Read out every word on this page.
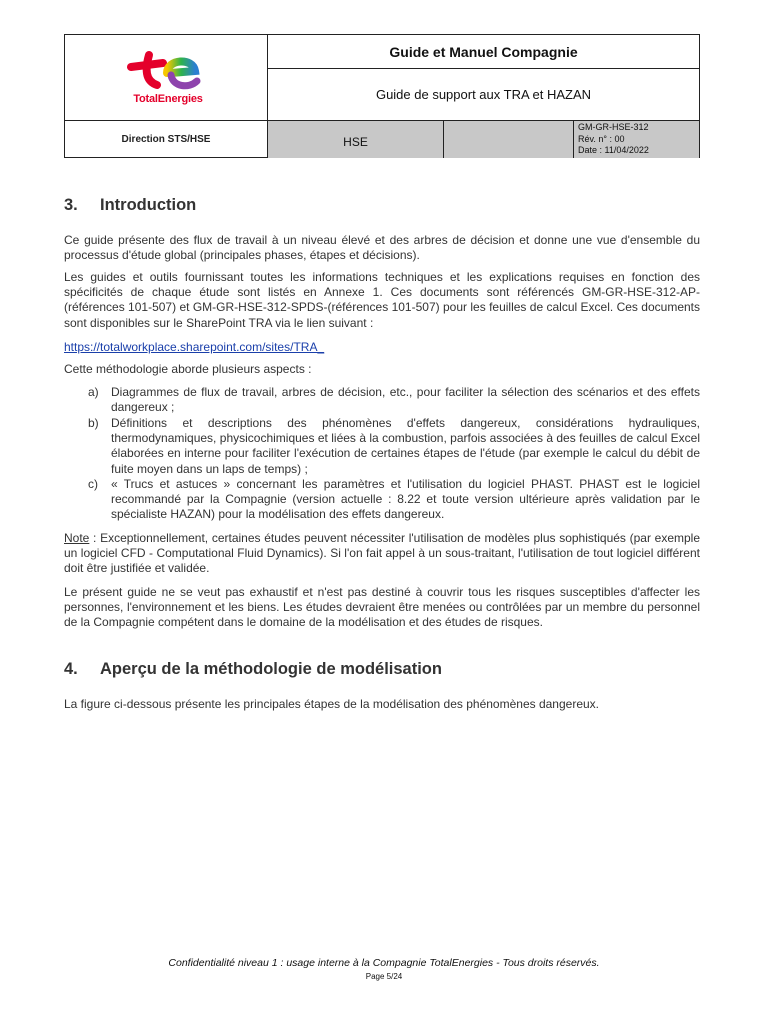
TotalEnergies
Guide et Manuel Compagnie
Guide de support aux TRA et HAZAN
Direction STS/HSE	HSE
GM-GR-HSE-312
Rév. n° : 00
Date : 11/04/2022
3. Introduction
Ce guide présente des flux de travail à un niveau élevé et des arbres de décision et donne une vue d'ensemble du processus d'étude global (principales phases, étapes et décisions).
Les guides et outils fournissant toutes les informations techniques et les explications requises en fonction des spécificités de chaque étude sont listés en Annexe 1. Ces documents sont référencés GM-GR-HSE-312-AP-(références 101-507) et GM-GR-HSE-312-SPDS-(références 101-507) pour les feuilles de calcul Excel. Ces documents sont disponibles sur le SharePoint TRA via le lien suivant :
https://totalworkplace.sharepoint.com/sites/TRA_
Cette méthodologie aborde plusieurs aspects :
a) Diagrammes de flux de travail, arbres de décision, etc., pour faciliter la sélection des scénarios et des effets dangereux ;
b) Définitions et descriptions des phénomènes d'effets dangereux, considérations hydrauliques, thermodynamiques, physicochimiques et liées à la combustion, parfois associées à des feuilles de calcul Excel élaborées en interne pour faciliter l'exécution de certaines étapes de l'étude (par exemple le calcul du débit de fuite moyen dans un laps de temps) ;
c) « Trucs et astuces » concernant les paramètres et l'utilisation du logiciel PHAST. PHAST est le logiciel recommandé par la Compagnie (version actuelle : 8.22 et toute version ultérieure après validation par le spécialiste HAZAN) pour la modélisation des effets dangereux.
Note : Exceptionnellement, certaines études peuvent nécessiter l'utilisation de modèles plus sophistiqués (par exemple un logiciel CFD - Computational Fluid Dynamics). Si l'on fait appel à un sous-traitant, l'utilisation de tout logiciel différent doit être justifiée et validée.
Le présent guide ne se veut pas exhaustif et n'est pas destiné à couvrir tous les risques susceptibles d'affecter les personnes, l'environnement et les biens. Les études devraient être menées ou contrôlées par un membre du personnel de la Compagnie compétent dans le domaine de la modélisation et des études de risques.
4. Aperçu de la méthodologie de modélisation
La figure ci-dessous présente les principales étapes de la modélisation des phénomènes dangereux.
Confidentialité niveau 1 : usage interne à la Compagnie TotalEnergies - Tous droits réservés.
Page 5/24
